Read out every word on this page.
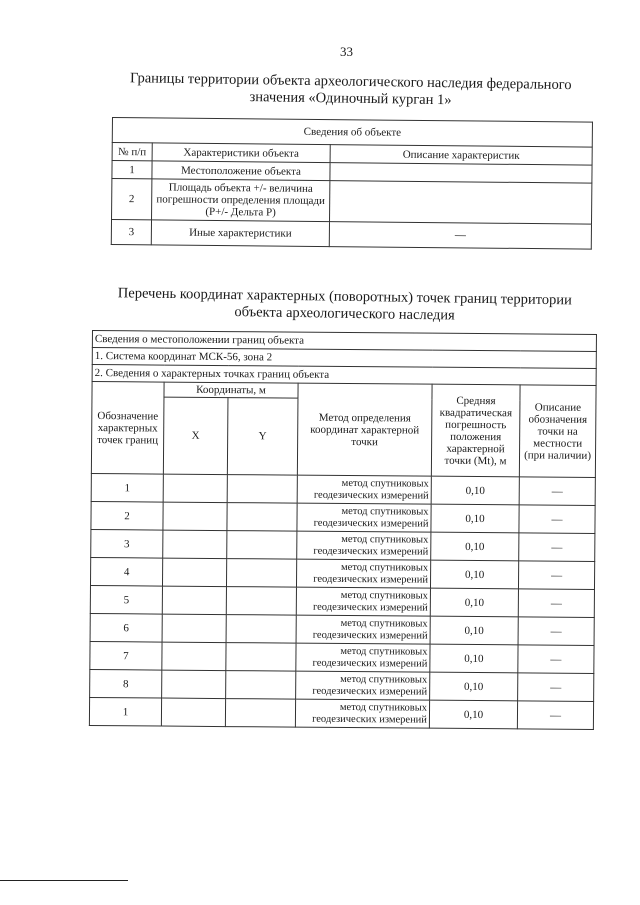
33
Границы территории объекта археологического наследия федерального значения «Одиночный курган 1»
Сведения об объекте		
№ п/п	Характеристики объекта	Описание характеристик
1	Местоположение объекта	
2	Площадь объекта +/- величина погрешности определения площади (Р+/- Дельта Р)	
3	Иные характеристики	—
Перечень координат характерных (поворотных) точек границ территории объекта археологического наследия
Сведения о местоположении границ объекта					
1. Система координат МСК-56, зона 2					
2. Сведения о характерных точках границ объекта					
Обозначение характерных точек границ	Координаты, м		Метод определения координат характерной точки	Средняя квадратическая погрешность положения характерной точки (Mt), м	Описание обозначения точки на местности (при наличии)
	X	Y			
1			метод спутниковых геодезических измерений	0,10	—
2			метод спутниковых геодезических измерений	0,10	—
3			метод спутниковых геодезических измерений	0,10	—
4			метод спутниковых геодезических измерений	0,10	—
5			метод спутниковых геодезических измерений	0,10	—
6			метод спутниковых геодезических измерений	0,10	—
7			метод спутниковых геодезических измерений	0,10	—
8			метод спутниковых геодезических измерений	0,10	—
1			метод спутниковых геодезических измерений	0,10	—
